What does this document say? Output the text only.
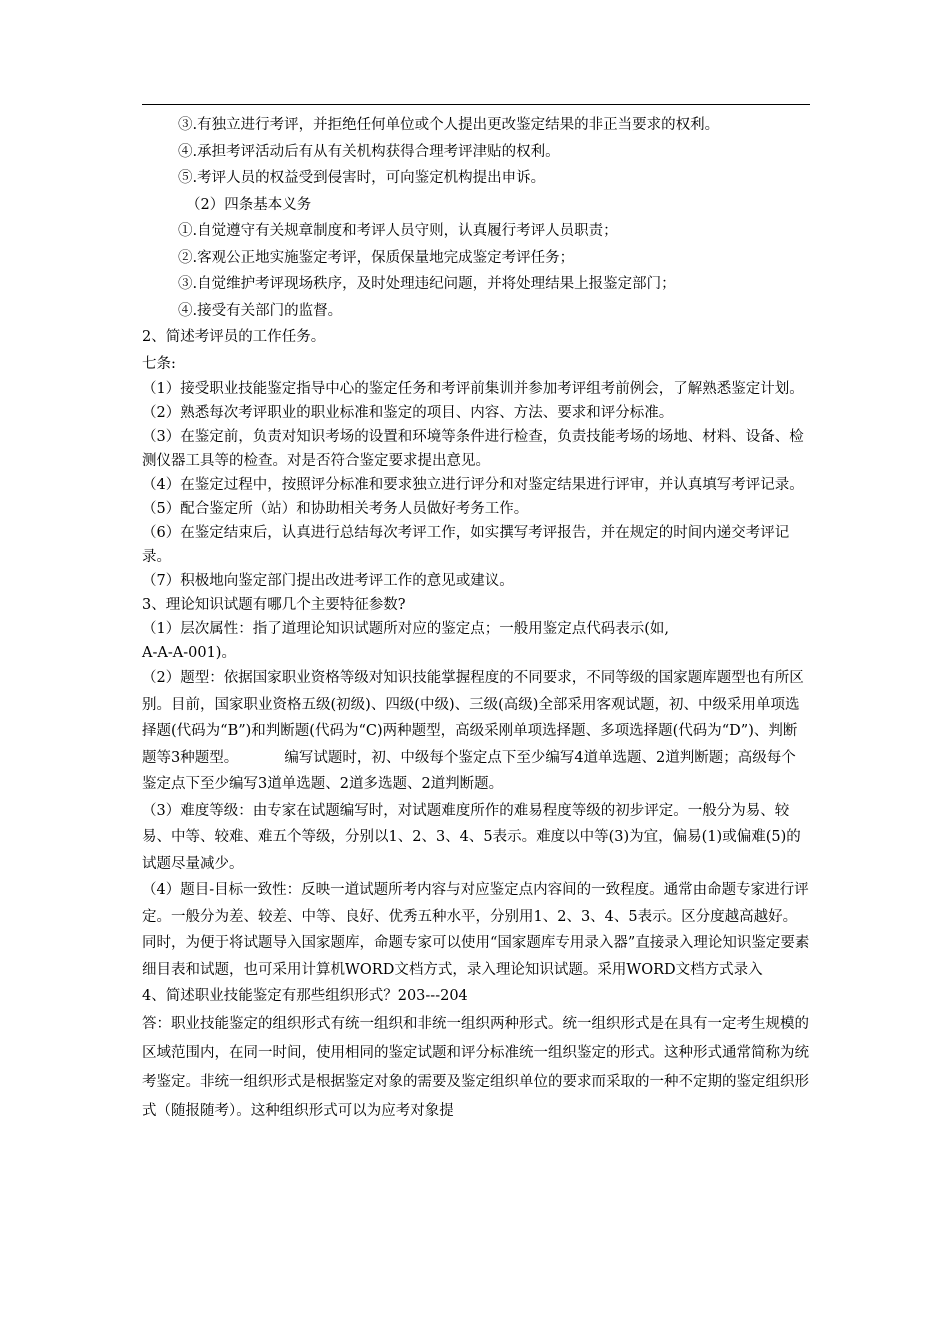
③.有独立进行考评，并拒绝任何单位或个人提出更改鉴定结果的非正当要求的权利。

④.承担考评活动后有从有关机构获得合理考评津贴的权利。

⑤.考评人员的权益受到侵害时，可向鉴定机构提出申诉。

（2）四条基本义务

①.自觉遵守有关规章制度和考评人员守则，认真履行考评人员职责；

②.客观公正地实施鉴定考评，保质保量地完成鉴定考评任务；

③.自觉维护考评现场秩序，及时处理违纪问题，并将处理结果上报鉴定部门；

④.接受有关部门的监督。

2、简述考评员的工作任务。

七条:

（1）接受职业技能鉴定指导中心的鉴定任务和考评前集训并参加考评组考前例会，了解熟悉鉴定计划。

（2）熟悉每次考评职业的职业标准和鉴定的项目、内容、方法、要求和评分标准。

（3）在鉴定前，负责对知识考场的设置和环境等条件进行检查，负责技能考场的场地、材料、设备、检测仪器工具等的检查。对是否符合鉴定要求提出意见。

（4）在鉴定过程中，按照评分标准和要求独立进行评分和对鉴定结果进行评审，并认真填写考评记录。

（5）配合鉴定所（站）和协助相关考务人员做好考务工作。

（6）在鉴定结束后，认真进行总结每次考评工作，如实撰写考评报告，并在规定的时间内递交考评记录。

（7）积极地向鉴定部门提出改进考评工作的意见或建议。

3、理论知识试题有哪几个主要特征参数?

（1）层次属性：指了道理论知识试题所对应的鉴定点；一般用鉴定点代码表示(如,

A-A-A-001)。

（2）题型：依据国家职业资格等级对知识技能掌握程度的不同要求，不同等级的国家题库题型也有所区别。目前，国家职业资格五级(初级)、四级(中级)、三级(高级)全部采用客观试题，初、中级采用单项选择题(代码为“B”)和判断题(代码为“C)两种题型，高级采刚单项选择题、多项选择题(代码为“D”)、判断题等3种题型。          编写试题时，初、中级每个鉴定点下至少编写4道单选题、2道判断题；高级每个鉴定点下至少编写3道单选题、2道多选题、2道判断题。

（3）难度等级：由专家在试题编写时，对试题难度所作的难易程度等级的初步评定。一般分为易、较易、中等、较难、难五个等级，分别以1、2、3、4、5表示。难度以中等(3)为宜，偏易(1)或偏难(5)的试题尽量减少。

（4）题目-目标一致性：反映一道试题所考内容与对应鉴定点内容间的一致程度。通常由命题专家进行评定。一般分为差、较差、中等、良好、优秀五种水平，分别用1、2、3、4、5表示。区分度越高越好。   同时，为便于将试题导入国家题库，命题专家可以使用“国家题库专用录入器”直接录入理论知识鉴定要素细目表和试题，也可采用计算机WORD文档方式，录入理论知识试题。采用WORD文档方式录入

4、简述职业技能鉴定有那些组织形式？203---204

答：职业技能鉴定的组织形式有统一组织和非统一组织两种形式。统一组织形式是在具有一定考生规模的区域范围内，在同一时间，使用相同的鉴定试题和评分标准统一组织鉴定的形式。这种形式通常简称为统考鉴定。非统一组织形式是根据鉴定对象的需要及鉴定组织单位的要求而采取的一种不定期的鉴定组织形式（随报随考）。这种组织形式可以为应考对象提
